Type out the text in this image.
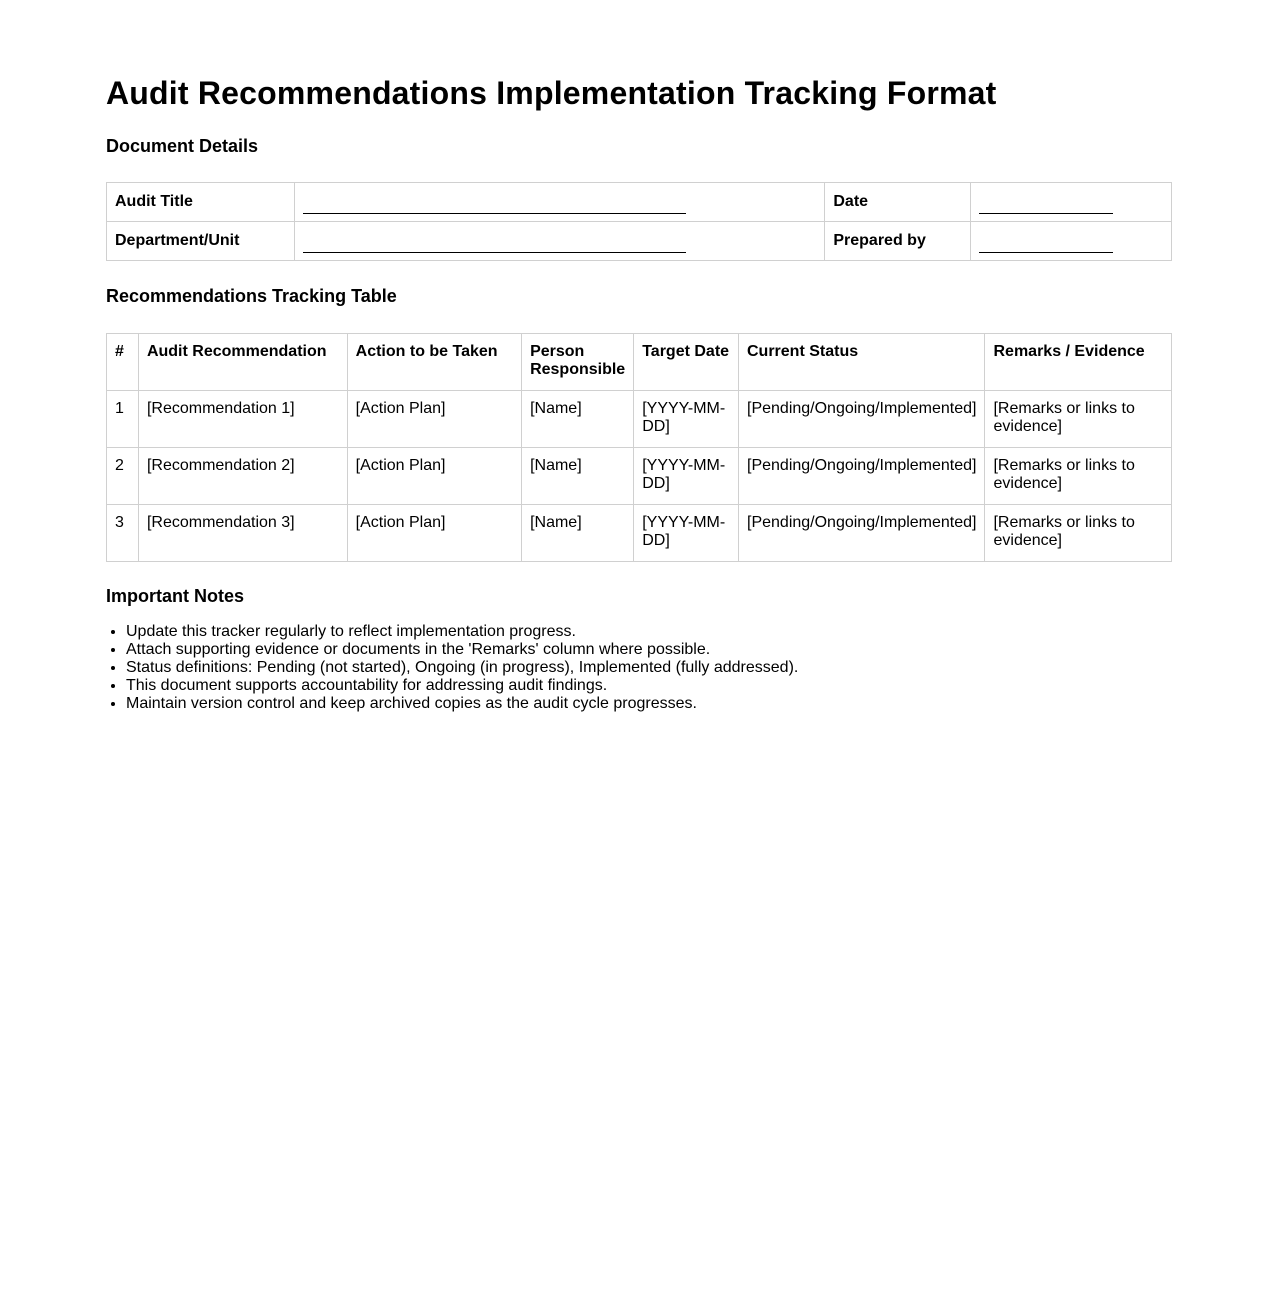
Audit Recommendations Implementation Tracking Format
Document Details
Audit Title		Date	
Department/Unit		Prepared by	
Recommendations Tracking Table
#	Audit Recommendation	Action to be Taken	Person Responsible	Target Date	Current Status	Remarks / Evidence
1	[Recommendation 1]	[Action Plan]	[Name]	[YYYY-MM-DD]	[Pending/Ongoing/Implemented]	[Remarks or links to evidence]
2	[Recommendation 2]	[Action Plan]	[Name]	[YYYY-MM-DD]	[Pending/Ongoing/Implemented]	[Remarks or links to evidence]
3	[Recommendation 3]	[Action Plan]	[Name]	[YYYY-MM-DD]	[Pending/Ongoing/Implemented]	[Remarks or links to evidence]
Important Notes
• Update this tracker regularly to reflect implementation progress.
• Attach supporting evidence or documents in the 'Remarks' column where possible.
• Status definitions: Pending (not started), Ongoing (in progress), Implemented (fully addressed).
• This document supports accountability for addressing audit findings.
• Maintain version control and keep archived copies as the audit cycle progresses.
